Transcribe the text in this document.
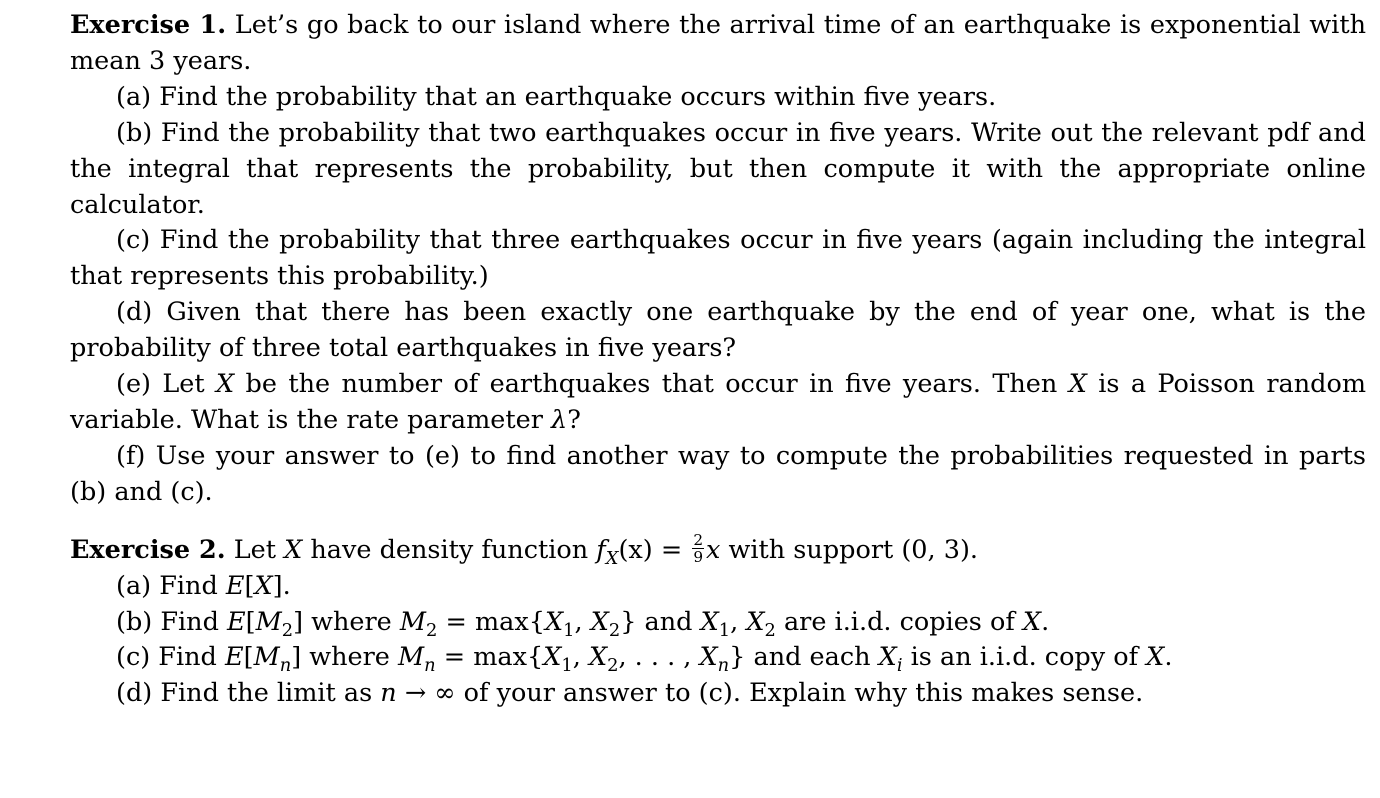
Exercise 1. Let’s go back to our island where the arrival time of an earthquake is exponential with mean 3 years.

(a) Find the probability that an earthquake occurs within five years.

(b) Find the probability that two earthquakes occur in five years. Write out the relevant pdf and the integral that represents the probability, but then compute it with the appropriate online calculator.

(c) Find the probability that three earthquakes occur in five years (again including the integral that represents this probability.)

(d) Given that there has been exactly one earthquake by the end of year one, what is the probability of three total earthquakes in five years?

(e) Let X be the number of earthquakes that occur in five years. Then X is a Poisson random variable. What is the rate parameter λ?

(f) Use your answer to (e) to find another way to compute the probabilities requested in parts (b) and (c).

Exercise 2. Let X have density function $f_X(x) = \frac{2}{9}$ x with support (0, 3).

(a) Find E[X].

(b) Find $E[M_2]$ where $M_2 = \max\{X_1$, $X_2$} and $X_1$, $X_2$ are i.i.d. copies of X.

(c) Find $E[M_n]$ where $M_n = \max\{X_1$, $X_2$, . . . , $X_n$} and each $X_i$ is an i.i.d. copy of X.

(d) Find the limit as n → ∞ of your answer to (c). Explain why this makes sense.
